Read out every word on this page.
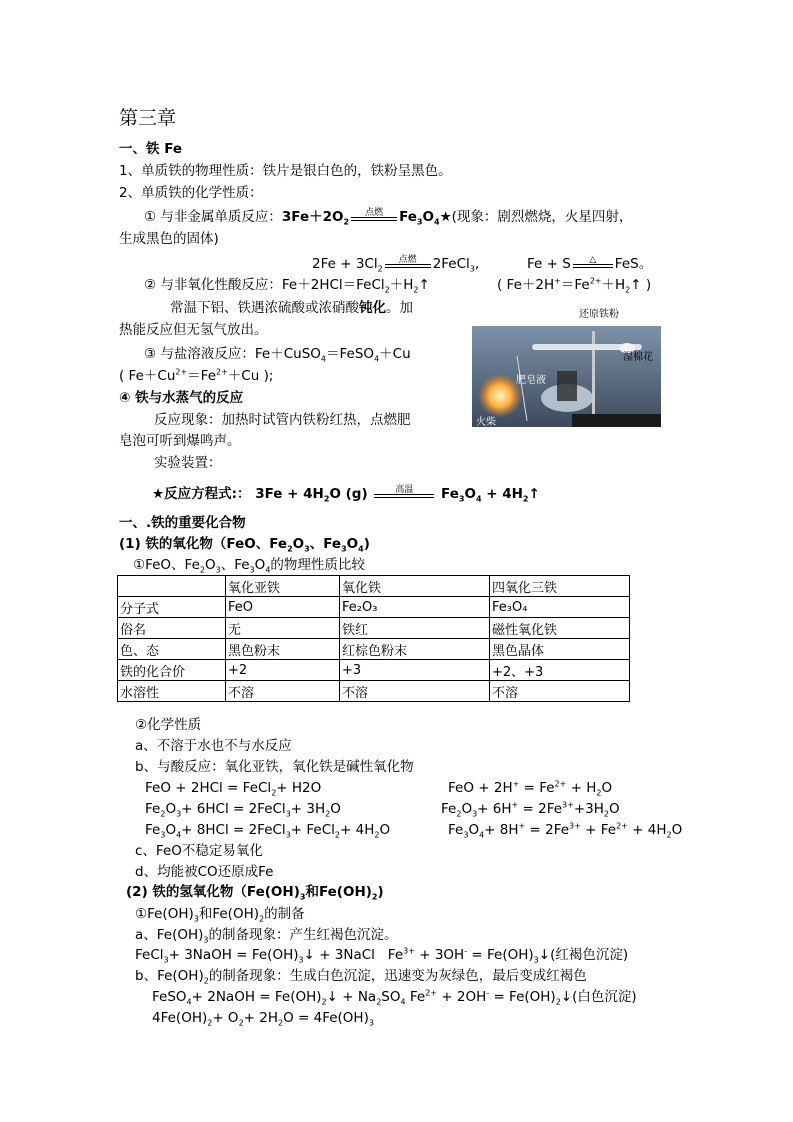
第三章
一、铁 Fe
1、单质铁的物理性质：铁片是银白色的，铁粉呈黑色。
2、单质铁的化学性质：
① 与非金属单质反应：$3Fe+2O_2$
点燃	$Fe_3O_4★$(现象：剧烈燃烧，火星四射，
生成黑色的固体)
$2Fe + 3Cl_2$
点燃	2FeCl$_3$,	Fe + S	△	FeS。
② 与非氧化性酸反应：$Fe+2HCl=FeCl_2+H_2↑$	( $Fe+2H^+=Fe^{2+}+H_2↑$ )
常温下铝、铁遇浓硫酸或浓硝酸钝化。加
热能反应但无氢气放出。
③ 与盐溶液反应：Fe＋CuSO$_4$＝FeSO$_4$＋Cu
( $Fe+Cu^{2+}=Fe^{2+}+Cu$ );
④ 铁与水蒸气的反应
反应现象：加热时试管内铁粉红热，点燃肥
皂泡可听到爆鸣声。
实验装置：
还原铁粉
湿棉花
肥皂液
火柴
★反应方程式:： $3Fe + 4H_2O$ (g)	高温	$Fe_3O_4$ + $4H_2↑$
一、.铁的重要化合物
(1) 铁的氧化物（FeO、$Fe_2O_3$、$Fe_3O_4$)
①FeO、$Fe_2O_3$、$Fe_3O_4$的物理性质比较
	氧化亚铁	氧化铁	四氧化三铁
分子式	FeO	Fe₂O₃	Fe₃O₄
俗名	无	铁红	磁性氧化铁
色、态	黑色粉末	红棕色粉末	黑色晶体
铁的化合价	+2	+3	+2、+3
水溶性	不溶	不溶	不溶
②化学性质
a、不溶于水也不与水反应
b、与酸反应：氧化亚铁，氧化铁是碱性氧化物
FeO + 2HCl = FeCl$_2$+ H2O	FeO + $2H^+ = Fe^{2+} + H_2O$
$Fe_2O_3+ 6HCl$ = 2FeCl$_3$+ $3H_2O$	$Fe_2O_3+ 6H^+ = 2Fe^{3+}+3H_2O$
$Fe_3O_4+ 8HCl$ = 2FeCl$_3$+ FeCl$_2$+ $4H_2O$	$Fe_3O_4+ 8H^+ = 2Fe^{3+} + Fe^{2+} + 4H_2O$
c、FeO不稳定易氧化
d、均能被CO还原成Fe
(2) 铁的氢氧化物（$Fe(OH)_3$和$Fe(OH)_2$)
$①Fe(OH)_3$和$Fe(OH)_2$的制备
a、$Fe(OH)_3$的制备现象：产生红褐色沉淀。
FeCl$_3$+ 3NaOH = $Fe(OH)_3↓$ + 3NaCl   $Fe^{3+} + 3OH^-$ = $Fe(OH)_3↓$(红褐色沉淀)
b、$Fe(OH)_2$的制备现象：生成白色沉淀，迅速变为灰绿色，最后变成红褐色
FeSO$_4$+ 2NaOH = $Fe(OH)_2↓ + Na_2SO_4$ $Fe^{2+} + 2OH^-$ = $Fe(OH)_2↓$(白色沉淀)
$4Fe(OH)_2+ O_2+ 2H_2O = 4Fe(OH)_3$
